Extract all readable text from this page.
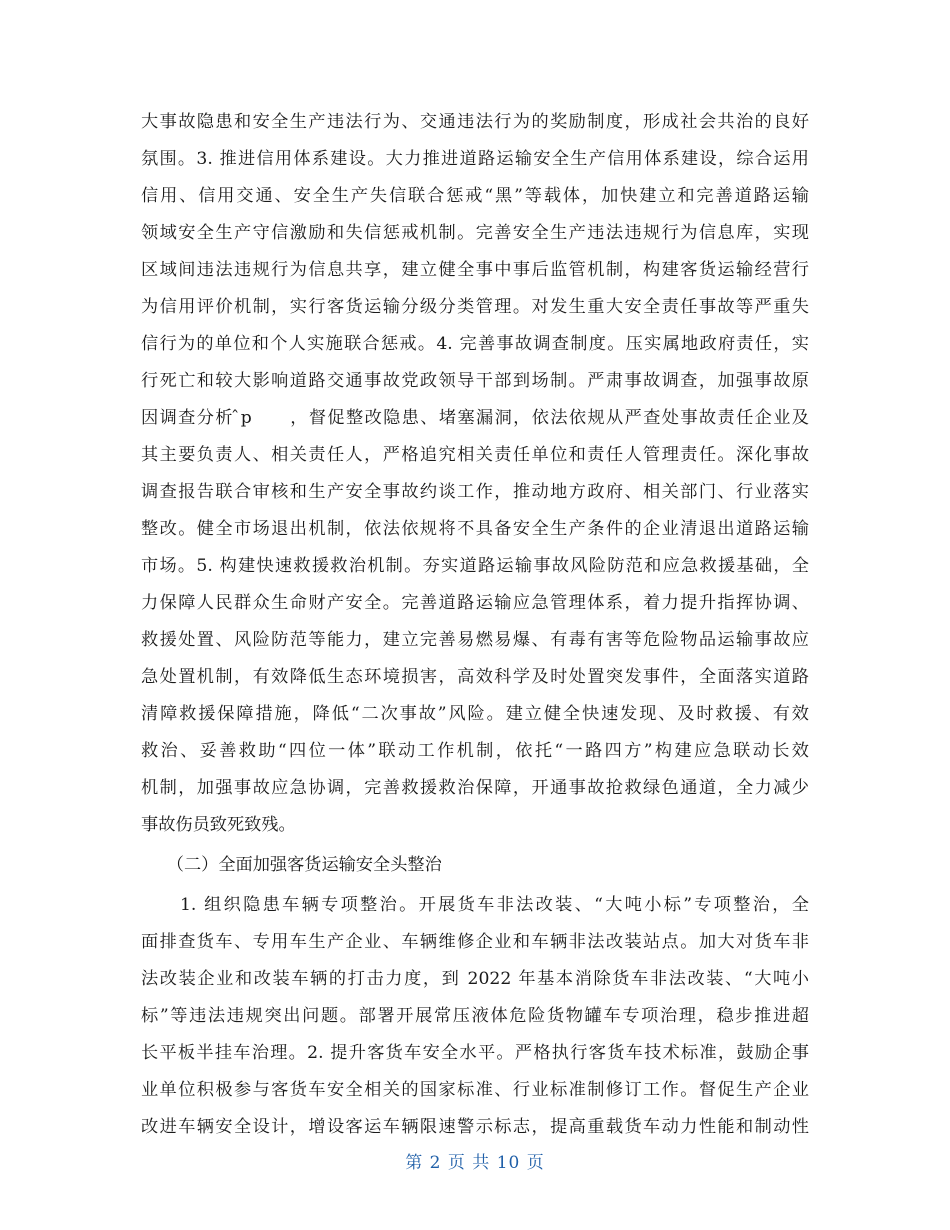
大事故隐患和安全生产违法行为、交通违法行为的奖励制度，形成社会共治的良好
氛围。3. 推进信用体系建设。大力推进道路运输安全生产信用体系建设，综合运用
信用、信用交通、安全生产失信联合惩戒“黑”等载体，加快建立和完善道路运输
领域安全生产守信激励和失信惩戒机制。完善安全生产违法违规行为信息库，实现
区域间违法违规行为信息共享，建立健全事中事后监管机制，构建客货运输经营行
为信用评价机制，实行客货运输分级分类管理。对发生重大安全责任事故等严重失
信行为的单位和个人实施联合惩戒。4. 完善事故调查制度。压实属地政府责任，实
行死亡和较大影响道路交通事故党政领导干部到场制。严肃事故调查，加强事故原
因调查分析 ̂p　　，督促整改隐患、堵塞漏洞，依法依规从严查处事故责任企业及
其主要负责人、相关责任人，严格追究相关责任单位和责任人管理责任。深化事故
调查报告联合审核和生产安全事故约谈工作，推动地方政府、相关部门、行业落实
整改。健全市场退出机制，依法依规将不具备安全生产条件的企业清退出道路运输
市场。5. 构建快速救援救治机制。夯实道路运输事故风险防范和应急救援基础，全
力保障人民群众生命财产安全。完善道路运输应急管理体系，着力提升指挥协调、
救援处置、风险防范等能力，建立完善易燃易爆、有毒有害等危险物品运输事故应
急处置机制，有效降低生态环境损害，高效科学及时处置突发事件，全面落实道路
清障救援保障措施，降低“二次事故”风险。建立健全快速发现、及时救援、有效
救治、妥善救助“四位一体”联动工作机制，依托“一路四方”构建应急联动长效
机制，加强事故应急协调，完善救援救治保障，开通事故抢救绿色通道，全力减少
事故伤员致死致残。
　　（二）全面加强客货运输安全头整治
　　1. 组织隐患车辆专项整治。开展货车非法改装、“大吨小标”专项整治，全
面排查货车、专用车生产企业、车辆维修企业和车辆非法改装站点。加大对货车非
法改装企业和改装车辆的打击力度，到 2022 年基本消除货车非法改装、“大吨小
标”等违法违规突出问题。部署开展常压液体危险货物罐车专项治理，稳步推进超
长平板半挂车治理。2. 提升客货车安全水平。严格执行客货车技术标准，鼓励企事
业单位积极参与客货车安全相关的国家标准、行业标准制修订工作。督促生产企业
改进车辆安全设计，增设客运车辆限速警示标志，提高重载货车动力性能和制动性
第 2 页 共 10 页
